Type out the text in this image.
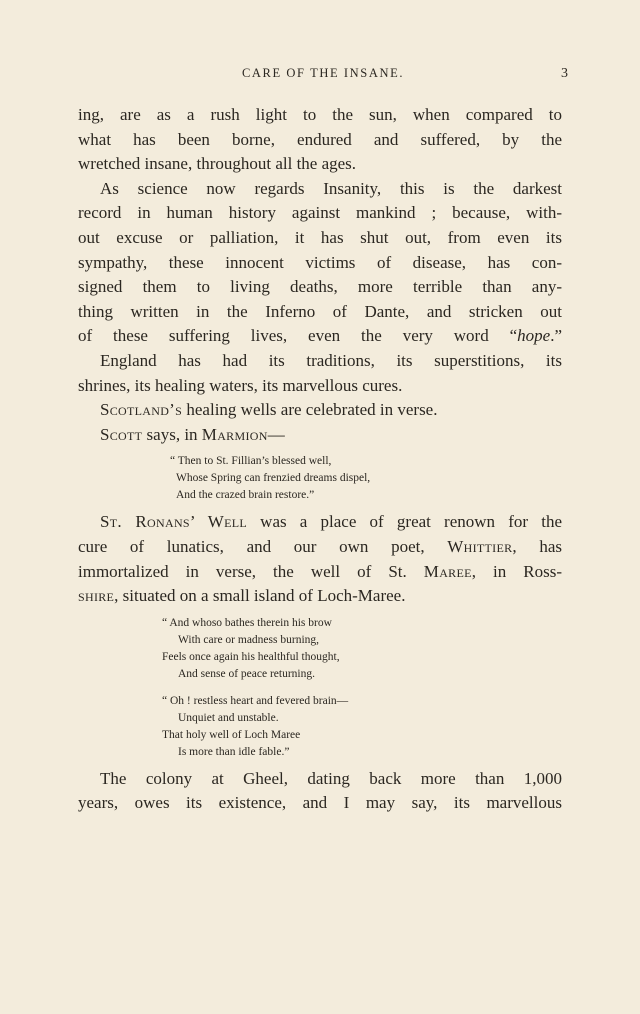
CARE OF THE INSANE.	3
ing, are as a rush light to the sun, when compared to
what has been borne, endured and suffered, by the
wretched insane, throughout all the ages.
As science now regards Insanity, this is the darkest
record in human history against mankind ; because, with-
out excuse or palliation, it has shut out, from even its
sympathy, these innocent victims of disease, has con-
signed them to living deaths, more terrible than any-
thing written in the Inferno of Dante, and stricken out
of these suffering lives, even the very word “hope.”
England has had its traditions, its superstitions, its
shrines, its healing waters, its marvellous cures.
Scotland’s healing wells are celebrated in verse.
Scott says, in Marmion—
“ Then to St. Fillian’s blessed well,
Whose Spring can frenzied dreams dispel,
And the crazed brain restore.”
St. Ronans’ Well was a place of great renown for the
cure of lunatics, and our own poet, Whittier, has
immortalized in verse, the well of St. Maree, in Ross-
shire, situated on a small island of Loch-Maree.
“ And whoso bathes therein his brow
With care or madness burning,
Feels once again his healthful thought,
And sense of peace returning.
“ Oh ! restless heart and fevered brain—
Unquiet and unstable.
That holy well of Loch Maree
Is more than idle fable.”
The colony at Gheel, dating back more than 1,000
years, owes its existence, and I may say, its marvellous
